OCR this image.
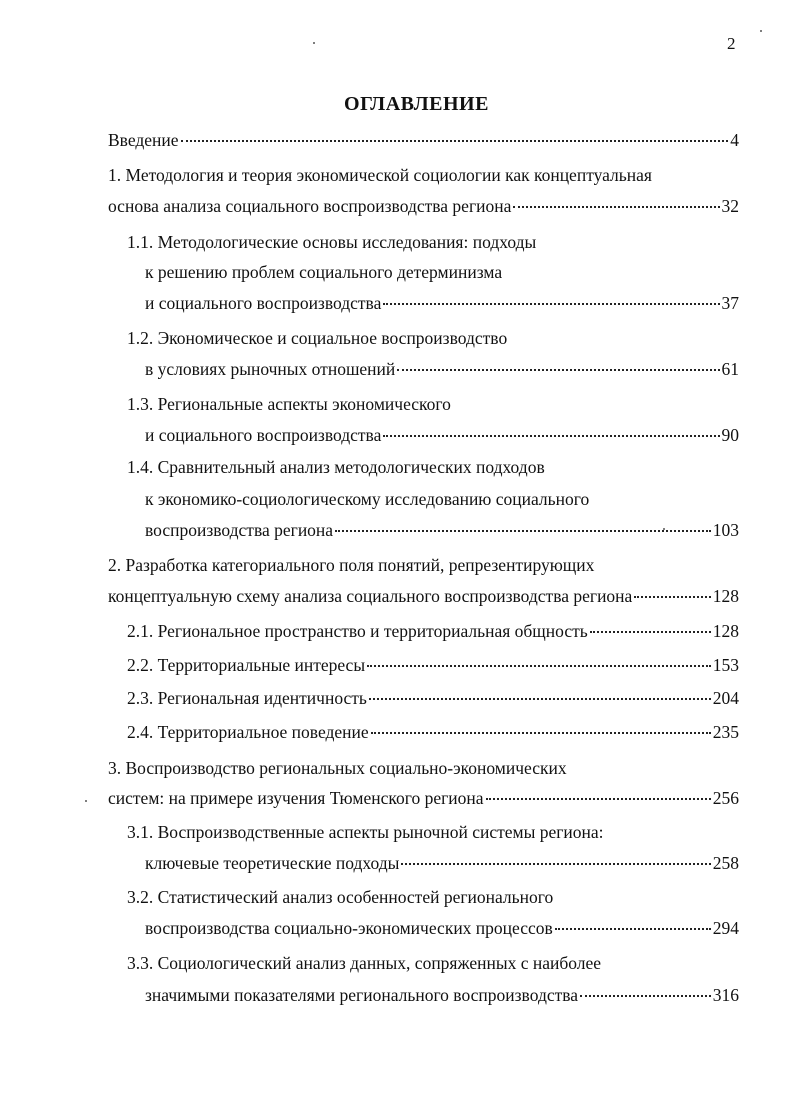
2
ОГЛАВЛЕНИЕ
Введение	4
1. Методология и теория экономической социологии как концептуальная
основа анализа социального воспроизводства региона	32
1.1. Методологические основы исследования: подходы
к решению проблем социального детерминизма
и социального воспроизводства	37
1.2. Экономическое и социальное воспроизводство
в условиях рыночных отношений	61
1.3. Региональные аспекты экономического
и социального воспроизводства	90
1.4. Сравнительный анализ методологических подходов
к экономико-социологическому исследованию социального
воспроизводства региона	103
2. Разработка категориального поля понятий, репрезентирующих
концептуальную схему анализа социального воспроизводства региона	128
2.1. Региональное пространство и территориальная общность	128
2.2. Территориальные интересы	153
2.3. Региональная идентичность	204
2.4. Территориальное поведение	235
3. Воспроизводство региональных социально-экономических
систем: на примере изучения Тюменского региона	256
3.1. Воспроизводственные аспекты рыночной системы региона:
ключевые теоретические подходы	258
3.2. Статистический анализ особенностей регионального
воспроизводства социально-экономических процессов	294
3.3. Социологический анализ данных, сопряженных с наиболее
значимыми показателями регионального воспроизводства	316
